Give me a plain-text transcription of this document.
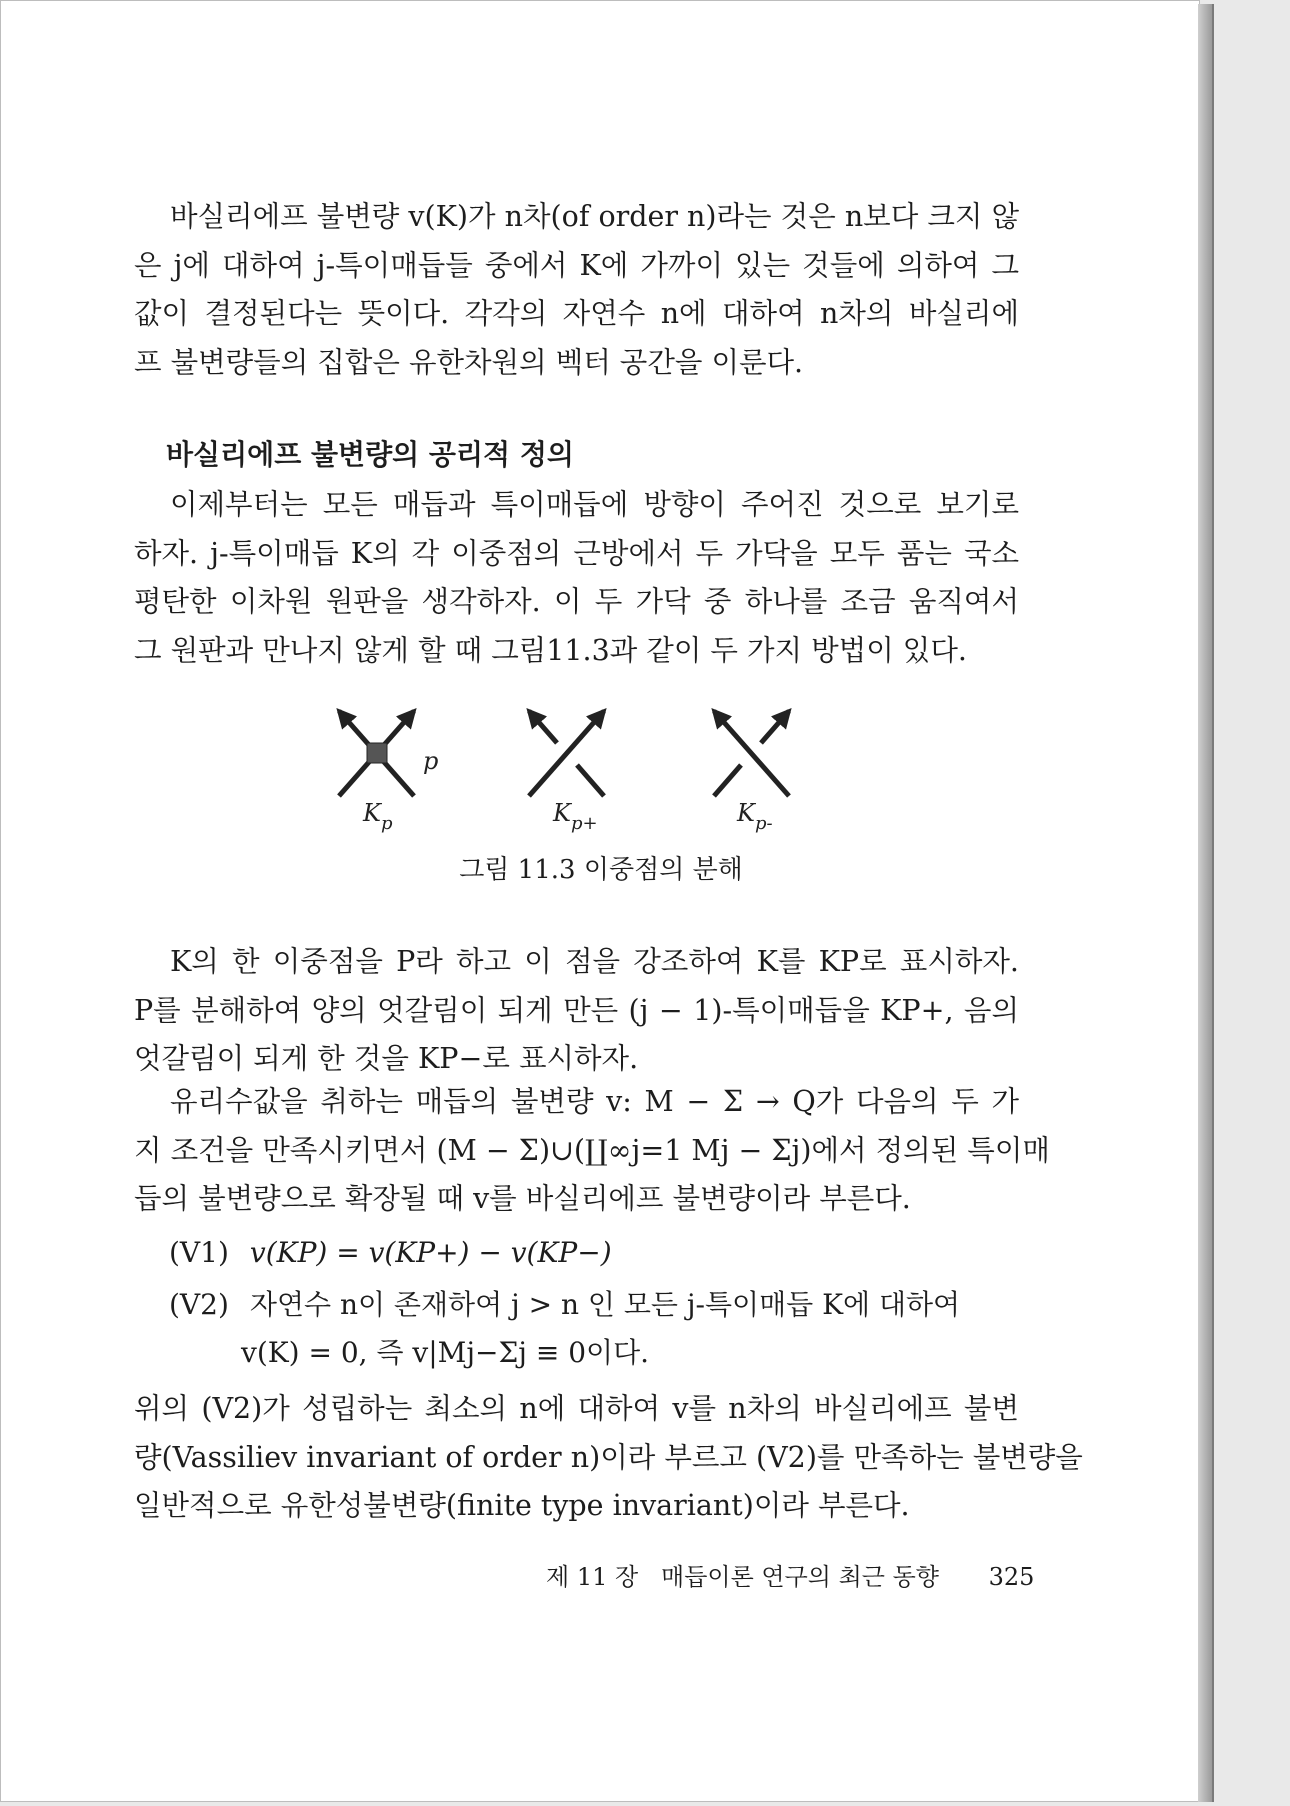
바실리에프 불변량 v(K)가 n차(of order n)라는 것은 n보다 크지 않
은 j에 대하여 j-특이매듭들 중에서 K에 가까이 있는 것들에 의하여 그
값이 결정된다는 뜻이다. 각각의 자연수 n에 대하여 n차의 바실리에
프 불변량들의 집합은 유한차원의 벡터 공간을 이룬다.

바실리에프 불변량의 공리적 정의

이제부터는 모든 매듭과 특이매듭에 방향이 주어진 것으로 보기로
하자. j-특이매듭 K의 각 이중점의 근방에서 두 가닥을 모두 품는 국소
평탄한 이차원 원판을 생각하자. 이 두 가닥 중 하나를 조금 움직여서
그 원판과 만나지 않게 할 때 그림11.3과 같이 두 가지 방법이 있다.

p
K p	K p+	K p-
그림 11.3 이중점의 분해

K의 한 이중점을 P라 하고 이 점을 강조하여 K를 KP로 표시하자.
P를 분해하여 양의 엇갈림이 되게 만든 (j − 1)-특이매듭을 KP+, 음의
엇갈림이 되게 한 것을 KP−로 표시하자.

유리수값을 취하는 매듭의 불변량 v: M − Σ → Q가 다음의 두 가
지 조건을 만족시키면서 (M − Σ)∪(∐∞j=1 Mj − Σj)에서 정의된 특이매
듭의 불변량으로 확장될 때 v를 바실리에프 불변량이라 부른다.

(V1) v(KP) = v(KP+) − v(KP−)
(V2) 자연수 n이 존재하여 j > n 인 모든 j-특이매듭 K에 대하여
v(K) = 0, 즉 v|Mj−Σj ≡ 0이다.

위의 (V2)가 성립하는 최소의 n에 대하여 v를 n차의 바실리에프 불변
량(Vassiliev invariant of order n)이라 부르고 (V2)를 만족하는 불변량을
일반적으로 유한성불변량(finite type invariant)이라 부른다.

제 11 장   매듭이론 연구의 최근 동향 325
